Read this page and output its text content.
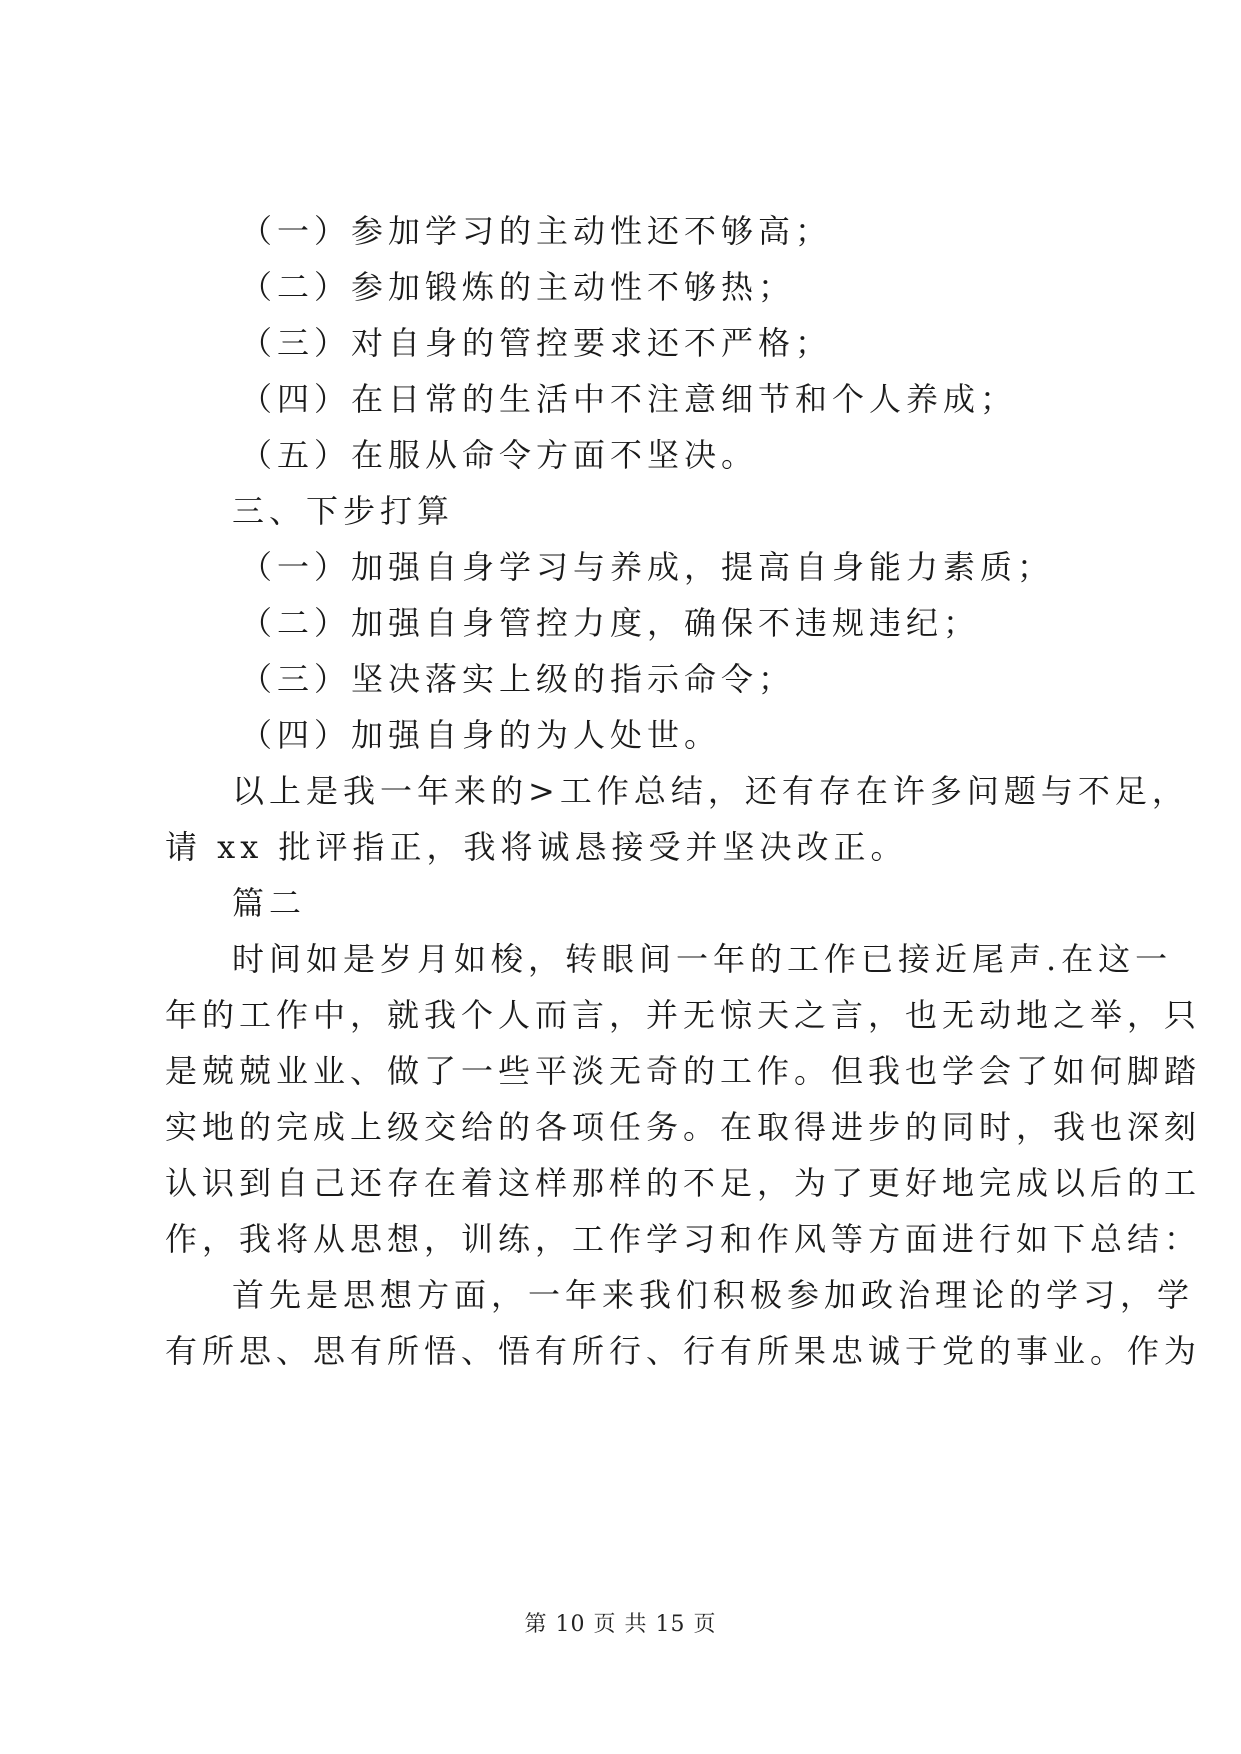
（一）参加学习的主动性还不够高；
（二）参加锻炼的主动性不够热；
（三）对自身的管控要求还不严格；
（四）在日常的生活中不注意细节和个人养成；
（五）在服从命令方面不坚决。
三、下步打算
（一）加强自身学习与养成，提高自身能力素质；
（二）加强自身管控力度，确保不违规违纪；
（三）坚决落实上级的指示命令；
（四）加强自身的为人处世。
以上是我一年来的>工作总结，还有存在许多问题与不足，
请 xx 批评指正，我将诚恳接受并坚决改正。
篇二
时间如是岁月如梭，转眼间一年的工作已接近尾声.在这一
年的工作中，就我个人而言，并无惊天之言，也无动地之举，只
是兢兢业业、做了一些平淡无奇的工作。但我也学会了如何脚踏
实地的完成上级交给的各项任务。在取得进步的同时，我也深刻
认识到自己还存在着这样那样的不足，为了更好地完成以后的工
作，我将从思想，训练，工作学习和作风等方面进行如下总结：
首先是思想方面，一年来我们积极参加政治理论的学习，学
有所思、思有所悟、悟有所行、行有所果忠诚于党的事业。作为
第 10 页 共 15 页
